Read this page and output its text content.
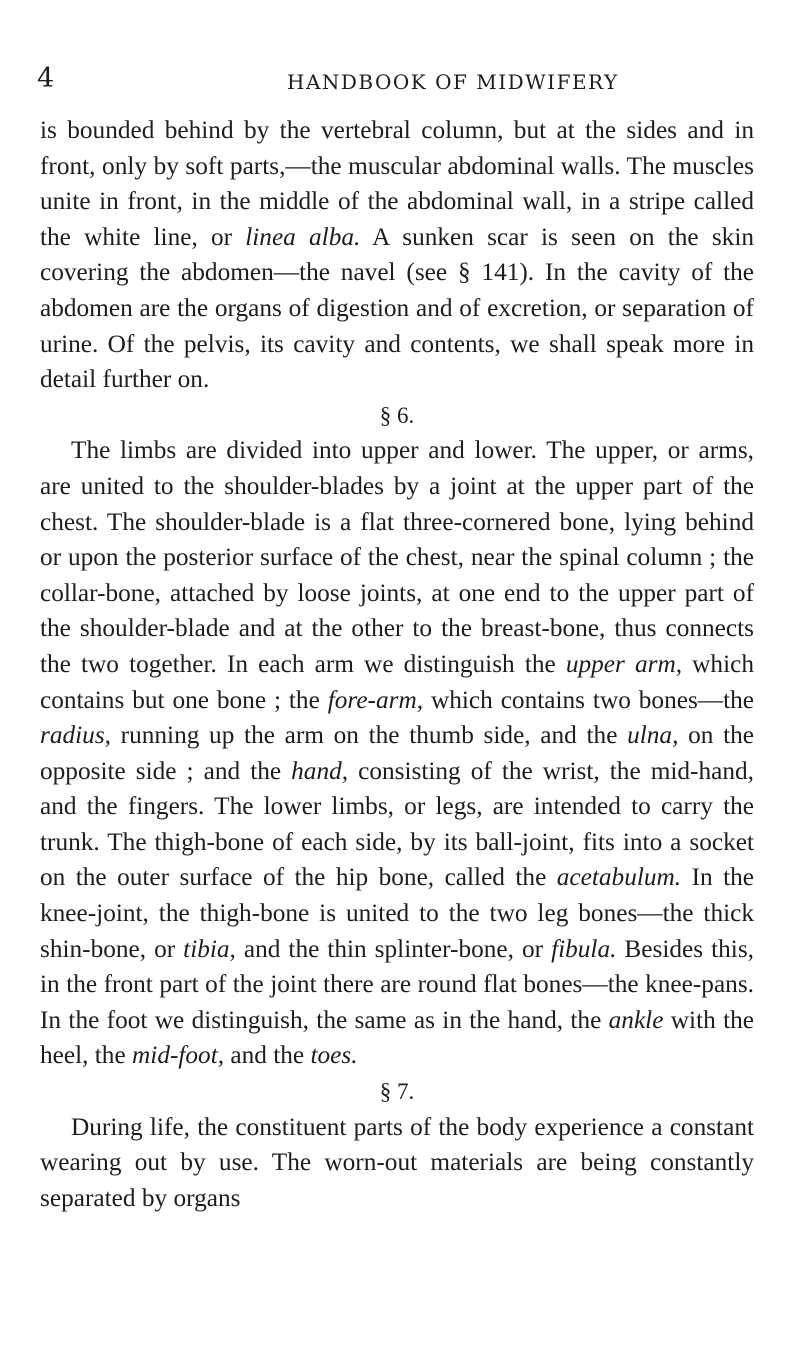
4	HANDBOOK OF MIDWIFERY

is bounded behind by the vertebral column, but at the sides and in front, only by soft parts,—the muscular abdominal walls. The muscles unite in front, in the middle of the abdominal wall, in a stripe called the white line, or linea alba. A sunken scar is seen on the skin covering the abdomen—the navel (see § 141). In the cavity of the abdomen are the organs of digestion and of excretion, or separation of urine. Of the pelvis, its cavity and contents, we shall speak more in detail further on.

§ 6.

The limbs are divided into upper and lower. The upper, or arms, are united to the shoulder-blades by a joint at the upper part of the chest. The shoulder-blade is a flat three-cornered bone, lying behind or upon the posterior surface of the chest, near the spinal column ; the collar-bone, attached by loose joints, at one end to the upper part of the shoulder-blade and at the other to the breast-bone, thus connects the two together. In each arm we distinguish the upper arm, which contains but one bone ; the fore-arm, which contains two bones—the radius, running up the arm on the thumb side, and the ulna, on the opposite side ; and the hand, consisting of the wrist, the mid-hand, and the fingers. The lower limbs, or legs, are intended to carry the trunk. The thigh-bone of each side, by its ball-joint, fits into a socket on the outer surface of the hip bone, called the acetabulum. In the knee-joint, the thigh-bone is united to the two leg bones—the thick shin-bone, or tibia, and the thin splinter-bone, or fibula. Besides this, in the front part of the joint there are round flat bones—the knee-pans. In the foot we distinguish, the same as in the hand, the ankle with the heel, the mid-foot, and the toes.

§ 7.

During life, the constituent parts of the body experience a constant wearing out by use. The worn-out materials are being constantly separated by organs
